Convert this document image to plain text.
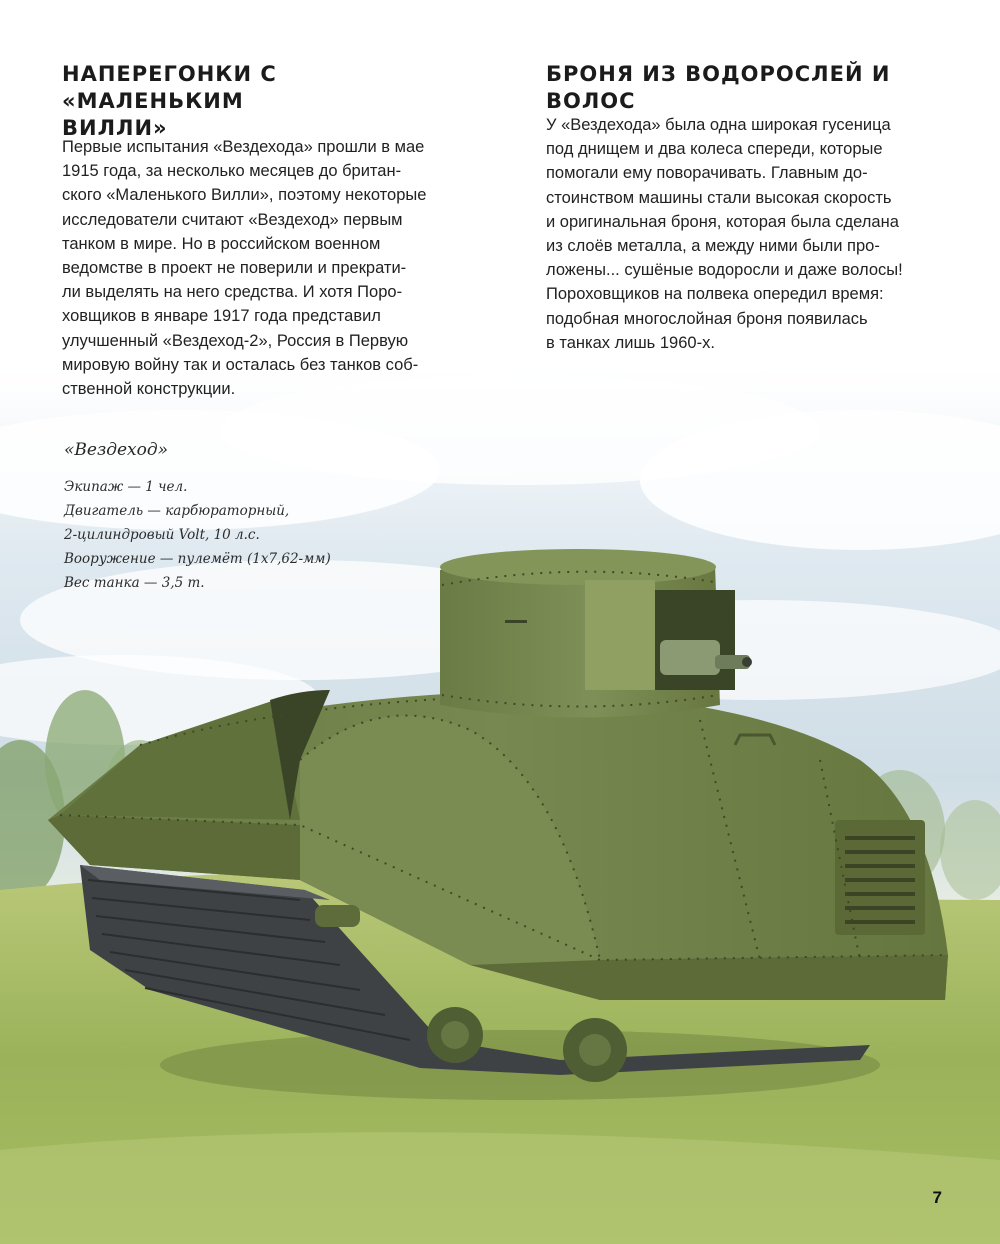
НАПЕРЕГОНКИ С «МАЛЕНЬКИМ
ВИЛЛИ»
БРОНЯ ИЗ ВОДОРОСЛЕЙ И ВОЛОС

Первые испытания «Вездехода» прошли в мае
1915 года, за несколько месяцев до британ-
ского «Маленького Вилли», поэтому некоторые
исследователи считают «Вездеход» первым
танком в мире. Но в российском военном
ведомстве в проект не поверили и прекрати-
ли выделять на него средства. И хотя Поро-
ховщиков в январе 1917 года представил
улучшенный «Вездеход-2», Россия в Первую
мировую войну так и осталась без танков соб-
ственной конструкции.

У «Вездехода» была одна широкая гусеница
под днищем и два колеса спереди, которые
помогали ему поворачивать. Главным до-
стоинством машины стали высокая скорость
и оригинальная броня, которая была сделана
из слоёв металла, а между ними были про-
ложены... сушёные водоросли и даже волосы!
Пороховщиков на полвека опередил время:
подобная многослойная броня появилась
в танках лишь 1960-х.

«Вездеход»
Экипаж — 1 чел.
Двигатель — карбюраторный,
2-цилиндровый Volt, 10 л.с.
Вооружение — пулемёт (1х7,62-мм)
Вес танка — 3,5 т.
7
